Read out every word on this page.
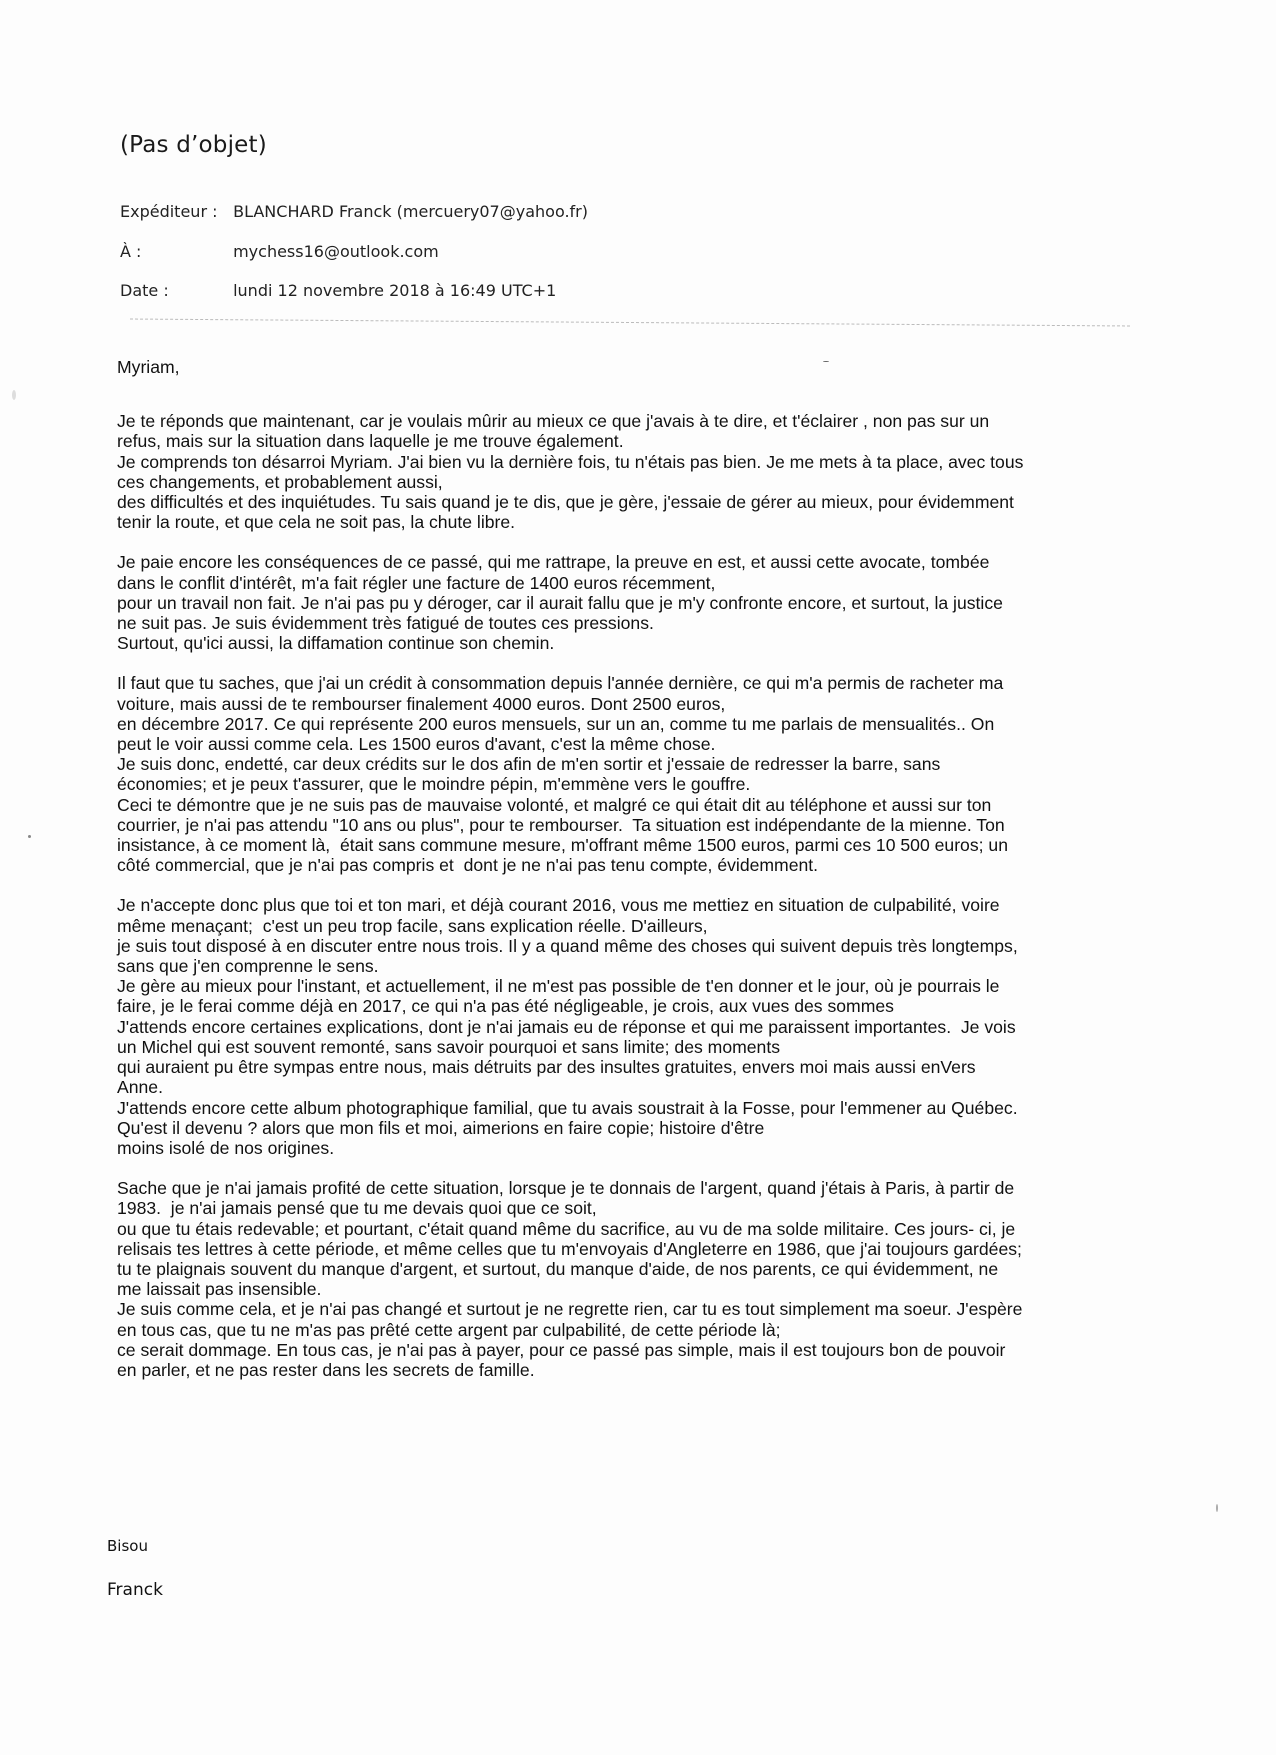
(Pas d’objet)
Expéditeur : BLANCHARD Franck (mercuery07@yahoo.fr)
À :	mychess16@outlook.com
Date :	lundi 12 novembre 2018 à 16:49 UTC+1
Myriam,
Je te réponds que maintenant, car je voulais mûrir au mieux ce que j'avais à te dire, et t'éclairer , non pas sur un
refus, mais sur la situation dans laquelle je me trouve également.
Je comprends ton désarroi Myriam. J'ai bien vu la dernière fois, tu n'étais pas bien. Je me mets à ta place, avec tous
ces changements, et probablement aussi,
des difficultés et des inquiétudes. Tu sais quand je te dis, que je gère, j'essaie de gérer au mieux, pour évidemment
tenir la route, et que cela ne soit pas, la chute libre.
Je paie encore les conséquences de ce passé, qui me rattrape, la preuve en est, et aussi cette avocate, tombée
dans le conflit d'intérêt, m'a fait régler une facture de 1400 euros récemment,
pour un travail non fait. Je n'ai pas pu y déroger, car il aurait fallu que je m'y confronte encore, et surtout, la justice
ne suit pas. Je suis évidemment très fatigué de toutes ces pressions.
Surtout, qu'ici aussi, la diffamation continue son chemin.
Il faut que tu saches, que j'ai un crédit à consommation depuis l'année dernière, ce qui m'a permis de racheter ma
voiture, mais aussi de te rembourser finalement 4000 euros. Dont 2500 euros,
en décembre 2017. Ce qui représente 200 euros mensuels, sur un an, comme tu me parlais de mensualités.. On
peut le voir aussi comme cela. Les 1500 euros d'avant, c'est la même chose.
Je suis donc, endetté, car deux crédits sur le dos afin de m'en sortir et j'essaie de redresser la barre, sans
économies; et je peux t'assurer, que le moindre pépin, m'emmène vers le gouffre.
Ceci te démontre que je ne suis pas de mauvaise volonté, et malgré ce qui était dit au téléphone et aussi sur ton
courrier, je n'ai pas attendu "10 ans ou plus", pour te rembourser.  Ta situation est indépendante de la mienne. Ton
insistance, à ce moment là,  était sans commune mesure, m'offrant même 1500 euros, parmi ces 10 500 euros; un
côté commercial, que je n'ai pas compris et  dont je ne n'ai pas tenu compte, évidemment.
Je n'accepte donc plus que toi et ton mari, et déjà courant 2016, vous me mettiez en situation de culpabilité, voire
même menaçant;  c'est un peu trop facile, sans explication réelle. D'ailleurs,
je suis tout disposé à en discuter entre nous trois. Il y a quand même des choses qui suivent depuis très longtemps,
sans que j'en comprenne le sens.
Je gère au mieux pour l'instant, et actuellement, il ne m'est pas possible de t'en donner et le jour, où je pourrais le
faire, je le ferai comme déjà en 2017, ce qui n'a pas été négligeable, je crois, aux vues des sommes
J'attends encore certaines explications, dont je n'ai jamais eu de réponse et qui me paraissent importantes.  Je vois
un Michel qui est souvent remonté, sans savoir pourquoi et sans limite; des moments
qui auraient pu être sympas entre nous, mais détruits par des insultes gratuites, envers moi mais aussi enVers
Anne.
J'attends encore cette album photographique familial, que tu avais soustrait à la Fosse, pour l'emmener au Québec.
Qu'est il devenu ? alors que mon fils et moi, aimerions en faire copie; histoire d'être
moins isolé de nos origines.
Sache que je n'ai jamais profité de cette situation, lorsque je te donnais de l'argent, quand j'étais à Paris, à partir de
1983.  je n'ai jamais pensé que tu me devais quoi que ce soit,
ou que tu étais redevable; et pourtant, c'était quand même du sacrifice, au vu de ma solde militaire. Ces jours- ci, je
relisais tes lettres à cette période, et même celles que tu m'envoyais d'Angleterre en 1986, que j'ai toujours gardées;
tu te plaignais souvent du manque d'argent, et surtout, du manque d'aide, de nos parents, ce qui évidemment, ne
me laissait pas insensible.
Je suis comme cela, et je n'ai pas changé et surtout je ne regrette rien, car tu es tout simplement ma soeur. J'espère
en tous cas, que tu ne m'as pas prêté cette argent par culpabilité, de cette période là;
ce serait dommage. En tous cas, je n'ai pas à payer, pour ce passé pas simple, mais il est toujours bon de pouvoir
en parler, et ne pas rester dans les secrets de famille.
Bisou
Franck
